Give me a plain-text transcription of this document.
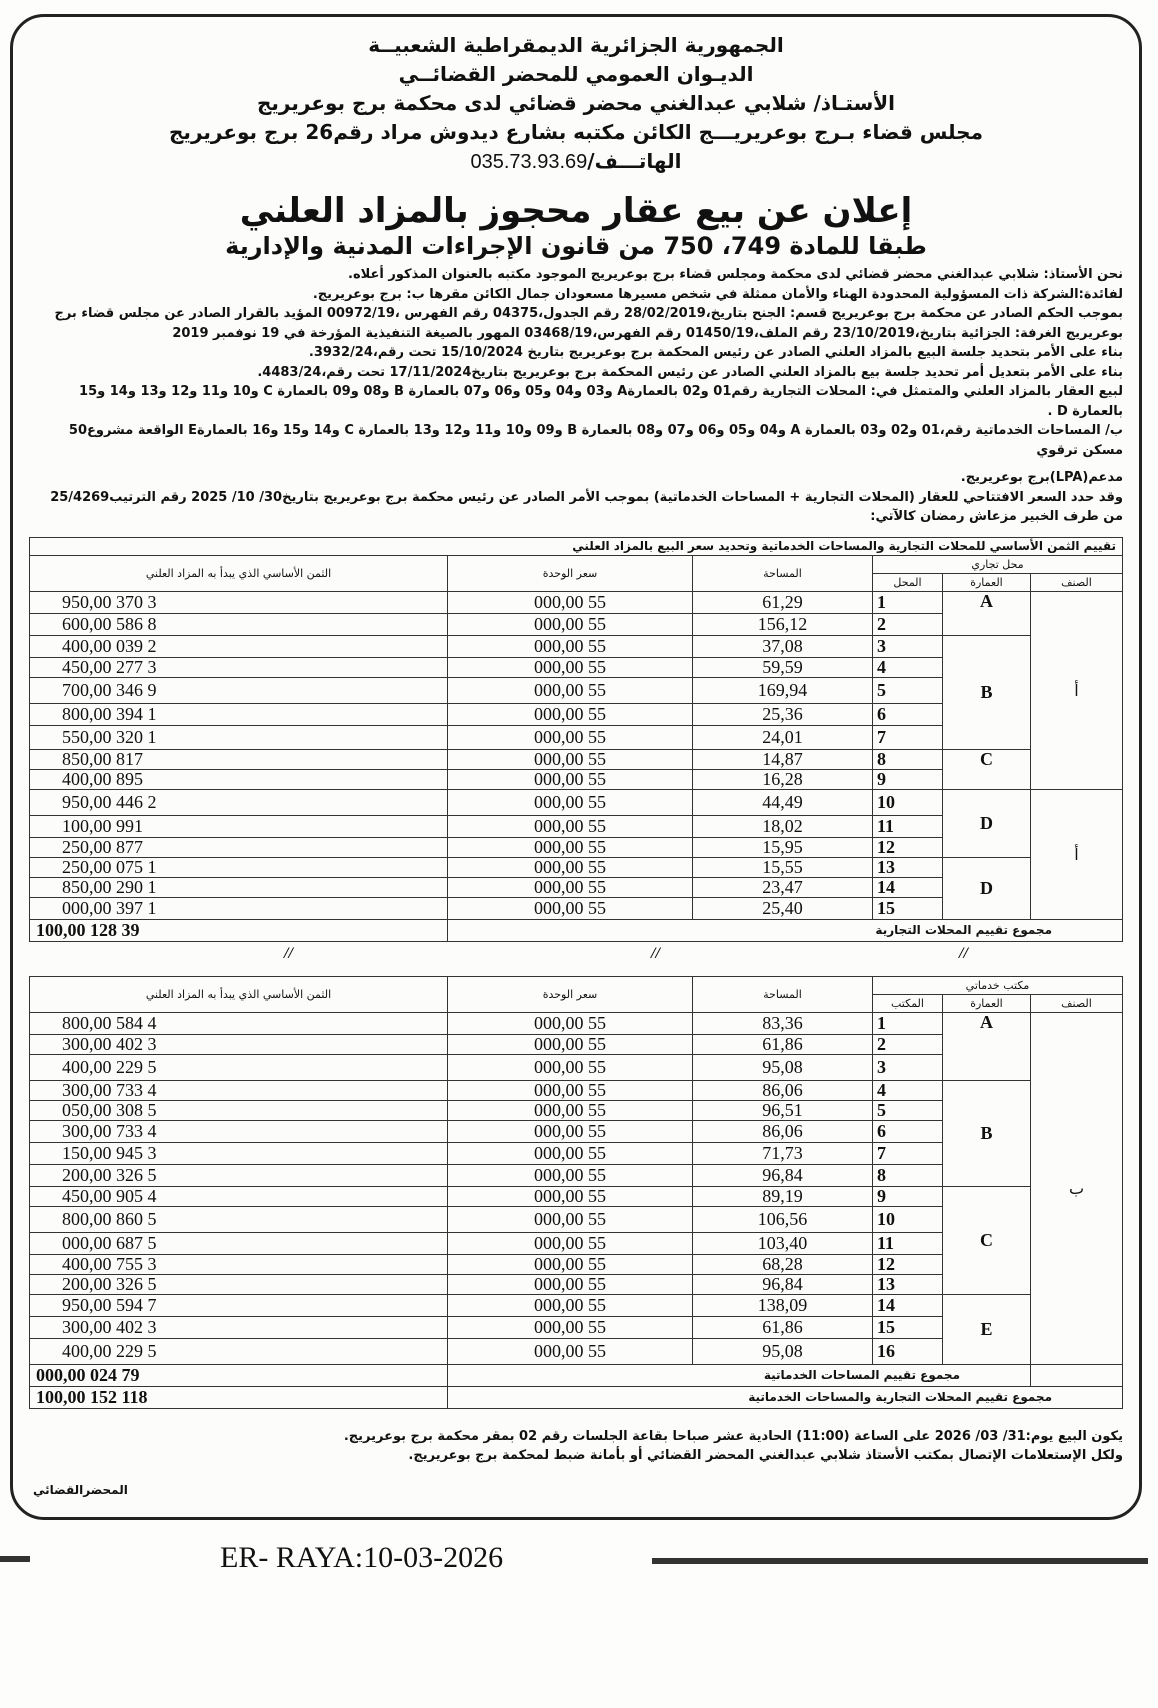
الجمهورية الجزائرية الديمقراطية الشعبيــة
الديـوان العمومي للمحضر القضائــي
الأستـاذ/ شلابي عبدالغني محضر قضائي لدى محكمة برج بوعريريج
مجلس قضاء بـرج بوعريريـــج الكائن مكتبه بشارع ديدوش مراد رقم26 برج بوعريريج
الهاتـــف/035.73.93.69
إعلان عن بيع عقار محجوز بالمزاد العلني
طبقا للمادة 749، 750 من قانون الإجراءات المدنية والإدارية

نحن الأستاذ: شلابي عبدالغني محضر قضائي لدى محكمة ومجلس قضاء برج بوعريريج الموجود مكتبه بالعنوان المذكور أعلاه.

لفائدة:الشركة ذات المسؤولية المحدودة الهناء والأمان ممثلة في شخص مسيرها مسعودان جمال الكائن مقرها ب: برج بوعريريج.

بموجب الحكم الصادر عن محكمة برج بوعريريج قسم: الجنح بتاريخ،28/02/2019 رقم الجدول،04375 رقم الفهرس ،00972/19 المؤيد بالقرار الصادر عن مجلس قضاء برج

بوعريريج الغرفة: الجزائية بتاريخ،23/10/2019 رقم الملف،01450/19 رقم الفهرس،03468/19 المهور بالصيغة التنفيذية المؤرخة في 19 نوفمبر 2019

بناء على الأمر بتحديد جلسة البيع بالمزاد العلني الصادر عن رئيس المحكمة برج بوعريريج بتاريخ 15/10/2024 تحت رقم،3932/24.

بناء على الأمر بتعديل أمر تحديد جلسة بيع بالمزاد العلني الصادر عن رئيس المحكمة برج بوعريريج بتاريخ17/11/2024 تحت رقم،4483/24.

لبيع العقار بالمزاد العلني والمتمثل في: المحلات التجارية رقم01 و02 بالعمارةA و03 و04 و05 و06 و07 بالعمارة B و08 و09 بالعمارة C و10 و11 و12 و13 و14 و15 بالعمارة D .

ب/ المساحات الخدماتية رقم،01 و02 و03 بالعمارة A و04 و05 و06 و07 و08 بالعمارة B و09 و10 و11 و12 و13 بالعمارة C و14 و15 و16 بالعمارةE الواقعة مشروع50 مسكن ترقوي

مدعم(LPA)برج بوعريريج.

وقد حدد السعر الافتتاحي للعقار (المحلات التجارية + المساحات الخدماتية) بموجب الأمر الصادر عن رئيس محكمة برج بوعريريج بتاريخ30/ 10/ 2025 رقم الترتيب25/4269

من طرف الخبير مزعاش رمضان كالآتي:

تقييم الثمن الأساسي للمحلات التجارية والمساحات الخدماتية وتحديد سعر البيع بالمزاد العلني					
محل تجاري			المساحة	سعر الوحدة	الثمن الأساسي الذي يبدأ به المزاد العلني
الصنف	العمارة	المحل			
أ	A	1	61,29	55 000,00	3 370 950,00
		2	156,12	55 000,00	8 586 600,00
	B	3	37,08	55 000,00	2 039 400,00
		4	59,59	55 000,00	3 277 450,00
		5	169,94	55 000,00	9 346 700,00
		6	25,36	55 000,00	1 394 800,00
		7	24,01	55 000,00	1 320 550,00
	C	8	14,87	55 000,00	817 850,00
		9	16,28	55 000,00	895 400,00
أ	D	10	44,49	55 000,00	2 446 950,00
		11	18,02	55 000,00	991 100,00
		12	15,95	55 000,00	877 250,00
	D	13	15,55	55 000,00	1 075 250,00
		14	23,47	55 000,00	1 290 850,00
		15	25,40	55 000,00	1 397 000,00
مجموع تقييم المحلات التجارية					39 128 100,00
//	//	//
مكتب خدماتي			المساحة	سعر الوحدة	الثمن الأساسي الذي يبدأ به المزاد العلني
الصنف	العمارة	المكتب			
ب	A	1	83,36	55 000,00	4 584 800,00
		2	61,86	55 000,00	3 402 300,00
		3	95,08	55 000,00	5 229 400,00
	B	4	86,06	55 000,00	4 733 300,00
		5	96,51	55 000,00	5 308 050,00
		6	86,06	55 000,00	4 733 300,00
		7	71,73	55 000,00	3 945 150,00
		8	96,84	55 000,00	5 326 200,00
	C	9	89,19	55 000,00	4 905 450,00
		10	106,56	55 000,00	5 860 800,00
		11	103,40	55 000,00	5 687 000,00
		12	68,28	55 000,00	3 755 400,00
		13	96,84	55 000,00	5 326 200,00
	E	14	138,09	55 000,00	7 594 950,00
		15	61,86	55 000,00	3 402 300,00
		16	95,08	55 000,00	5 229 400,00
	مجموع تقييم المساحات الخدماتية				79 024 000,00
مجموع تقييم المحلات التجارية والمساحات الخدماتية					118 152 100,00

يكون البيع يوم:31/ 03/ 2026 على الساعة (11:00) الحادية عشر صباحا بقاعة الجلسات رقم 02 بمقر محكمة برج بوعريريج.

ولكل الإستعلامات الإتصال بمكتب الأستاذ شلابي عبدالغني المحضر القضائي أو بأمانة ضبط لمحكمة برج بوعريريج.

المحضرالقضائي
ER- RAYA:10-03-2026
